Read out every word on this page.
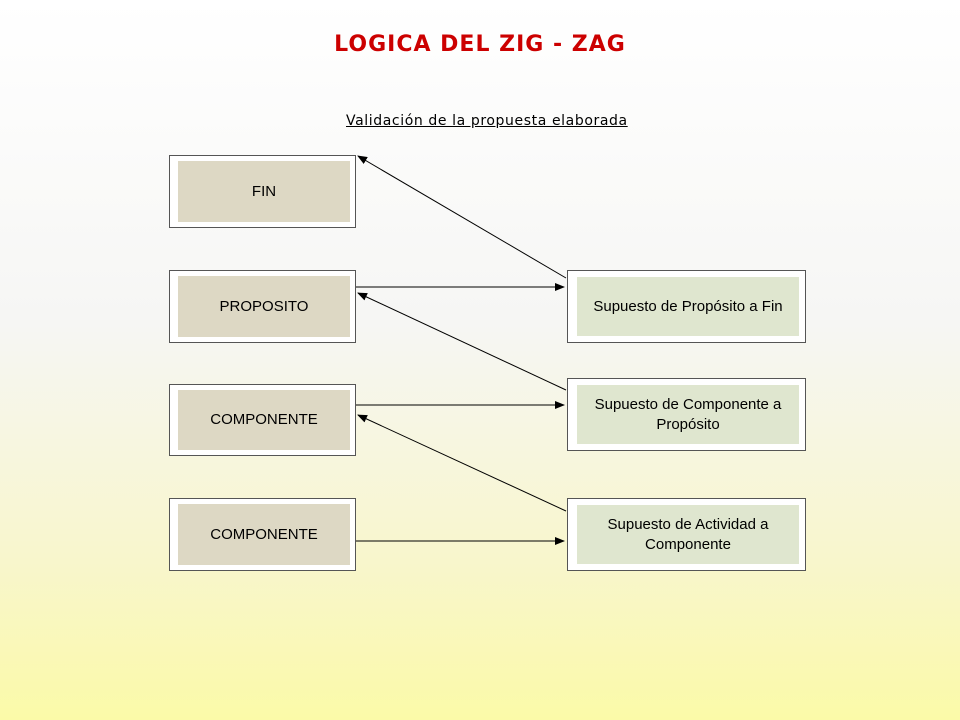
LOGICA DEL ZIG - ZAG
Validación de la propuesta elaborada
FIN
PROPOSITO
COMPONENTE
COMPONENTE
Supuesto de Propósito a Fin
Supuesto de Componente a Propósito
Supuesto de Actividad a Componente
